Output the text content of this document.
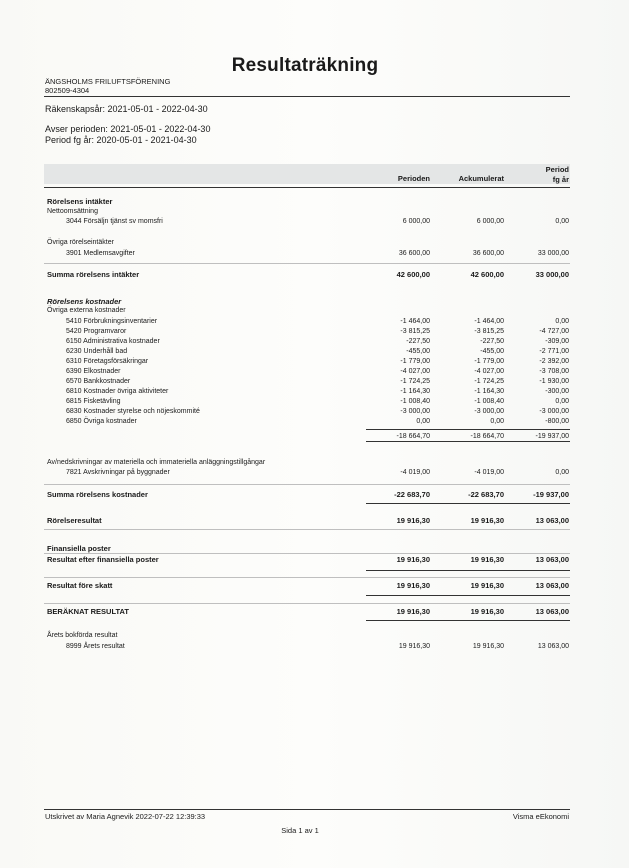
Resultaträkning
ÄNGSHOLMS FRILUFTSFÖRENING
802509-4304
Räkenskapsår: 2021-05-01 - 2022-04-30
Avser perioden: 2021-05-01 - 2022-04-30
Period fg år: 2020-05-01 - 2021-04-30
Perioden	Ackumulerat
Period
fg år
Rörelsens intäkter
Nettoomsättning
3044 Försäljn tjänst sv momsfri	6 000,00	6 000,00	0,00
Övriga rörelseintäkter
3901 Medlemsavgifter	36 600,00	36 600,00	33 000,00
Summa rörelsens intäkter	42 600,00	42 600,00	33 000,00
Rörelsens kostnader
Övriga externa kostnader
5410 Förbrukningsinventarier	-1 464,00	-1 464,00	0,00
5420 Programvaror	-3 815,25	-3 815,25	-4 727,00
6150 Administrativa kostnader	-227,50	-227,50	-309,00
6230 Underhåll bad	-455,00	-455,00	-2 771,00
6310 Företagsförsäkringar	-1 779,00	-1 779,00	-2 392,00
6390 Elkostnader	-4 027,00	-4 027,00	-3 708,00
6570 Bankkostnader	-1 724,25	-1 724,25	-1 930,00
6810 Kostnader övriga aktiviteter	-1 164,30	-1 164,30	-300,00
6815 Fisketävling	-1 008,40	-1 008,40	0,00
6830 Kostnader styrelse och nöjeskommité	-3 000,00	-3 000,00	-3 000,00
6850 Övriga kostnader	0,00	0,00	-800,00
-18 664,70	-18 664,70	-19 937,00
Av/nedskrivningar av materiella och immateriella anläggningstillgångar
7821 Avskrivningar på byggnader	-4 019,00	-4 019,00	0,00
Summa rörelsens kostnader	-22 683,70	-22 683,70	-19 937,00
Rörelseresultat	19 916,30	19 916,30	13 063,00
Finansiella poster
Resultat efter finansiella poster	19 916,30	19 916,30	13 063,00
Resultat före skatt	19 916,30	19 916,30	13 063,00
BERÄKNAT RESULTAT	19 916,30	19 916,30	13 063,00
Årets bokförda resultat
8999 Årets resultat	19 916,30	19 916,30	13 063,00
Utskrivet av Maria Agnevik 2022-07-22 12:39:33	Visma eEkonomi
Sida 1 av 1
